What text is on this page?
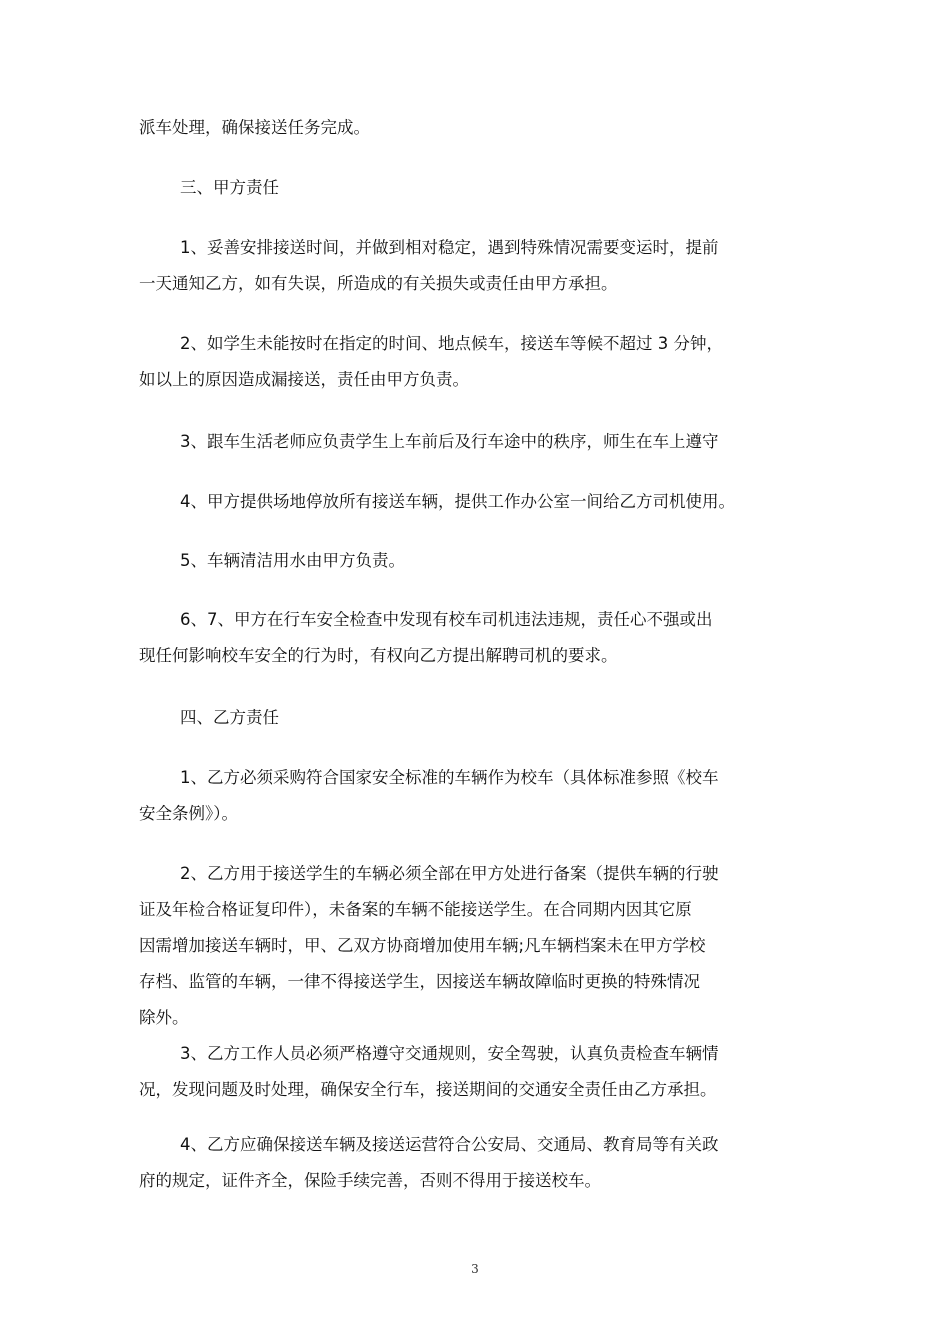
派车处理，确保接送任务完成。

三、甲方责任

1、妥善安排接送时间，并做到相对稳定，遇到特殊情况需要变运时，提前
一天通知乙方，如有失误，所造成的有关损失或责任由甲方承担。

2、如学生未能按时在指定的时间、地点候车，接送车等候不超过 3 分钟，
如以上的原因造成漏接送，责任由甲方负责。

3、跟车生活老师应负责学生上车前后及行车途中的秩序，师生在车上遵守

4、甲方提供场地停放所有接送车辆，提供工作办公室一间给乙方司机使用。

5、车辆清洁用水由甲方负责。

6、7、甲方在行车安全检查中发现有校车司机违法违规，责任心不强或出
现任何影响校车安全的行为时，有权向乙方提出解聘司机的要求。

四、乙方责任

1、乙方必须采购符合国家安全标准的车辆作为校车（具体标准参照《校车
安全条例》）。

2、乙方用于接送学生的车辆必须全部在甲方处进行备案（提供车辆的行驶
证及年检合格证复印件），未备案的车辆不能接送学生。在合同期内因其它原
因需增加接送车辆时，甲、乙双方协商增加使用车辆;凡车辆档案未在甲方学校
存档、监管的车辆，一律不得接送学生，因接送车辆故障临时更换的特殊情况
除外。

3、乙方工作人员必须严格遵守交通规则，安全驾驶，认真负责检查车辆情
况，发现问题及时处理，确保安全行车，接送期间的交通安全责任由乙方承担。

4、乙方应确保接送车辆及接送运营符合公安局、交通局、教育局等有关政
府的规定，证件齐全，保险手续完善，否则不得用于接送校车。

3
